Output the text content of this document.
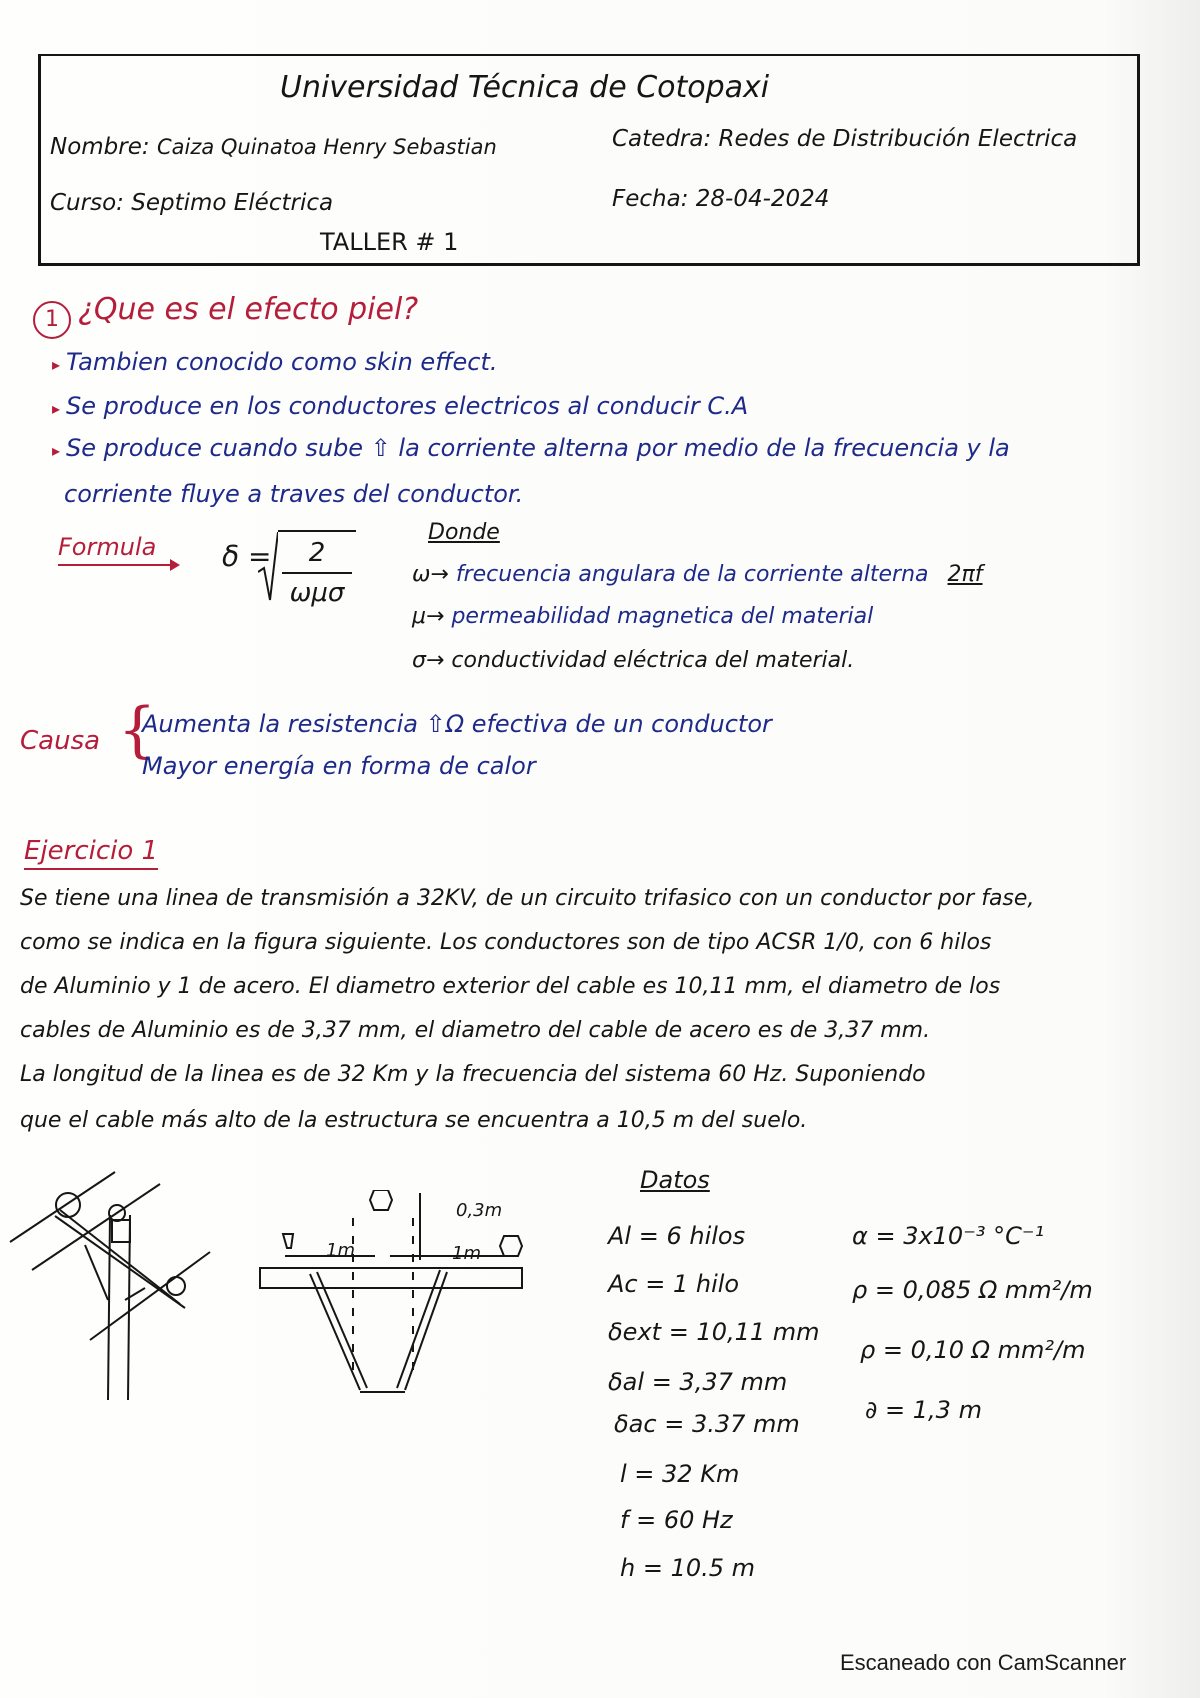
Universidad Técnica de Cotopaxi
Nombre: Caiza Quinatoa Henry Sebastian	Catedra: Redes de Distribución Electrica
Curso: Septimo Eléctrica	Fecha: 28-04-2024
TALLER # 1
1 ¿Que es el efecto piel?
▸ Tambien conocido como skin effect.
▸ Se produce en los conductores electricos al conducir C.A
▸ Se produce cuando sube ⇧ la corriente alterna por medio de la frecuencia y la
corriente fluye a traves del conductor.
Formula δ =	2
ωμσ
Donde
ω→ frecuencia angulara de la corriente alterna 2πf
μ→ permeabilidad magnetica del material
σ→ conductividad eléctrica del material.
Causa {
Aumenta la resistencia ⇧Ω efectiva de un conductor
Mayor energía en forma de calor
Ejercicio 1
Se tiene una linea de transmisión a 32KV, de un circuito trifasico con un conductor por fase,
como se indica en la figura siguiente. Los conductores son de tipo ACSR 1/0, con 6 hilos
de Aluminio y 1 de acero. El diametro exterior del cable es 10,11 mm, el diametro de los
cables de Aluminio es de 3,37 mm, el diametro del cable de acero es de 3,37 mm.
La longitud de la linea es de 32 Km y la frecuencia del sistema 60 Hz. Suponiendo
que el cable más alto de la estructura se encuentra a 10,5 m del suelo.
0,3m
1m	1m
Datos
Al = 6 hilos
Ac = 1 hilo
δext = 10,11 mm
δal = 3,37 mm
δac = 3.37 mm
l = 32 Km
f = 60 Hz
h = 10.5 m
α = 3x10⁻³ °C⁻¹
ρ = 0,085 Ω mm²/m
ρ = 0,10 Ω mm²/m
∂ = 1,3 m
Escaneado con CamScanner
